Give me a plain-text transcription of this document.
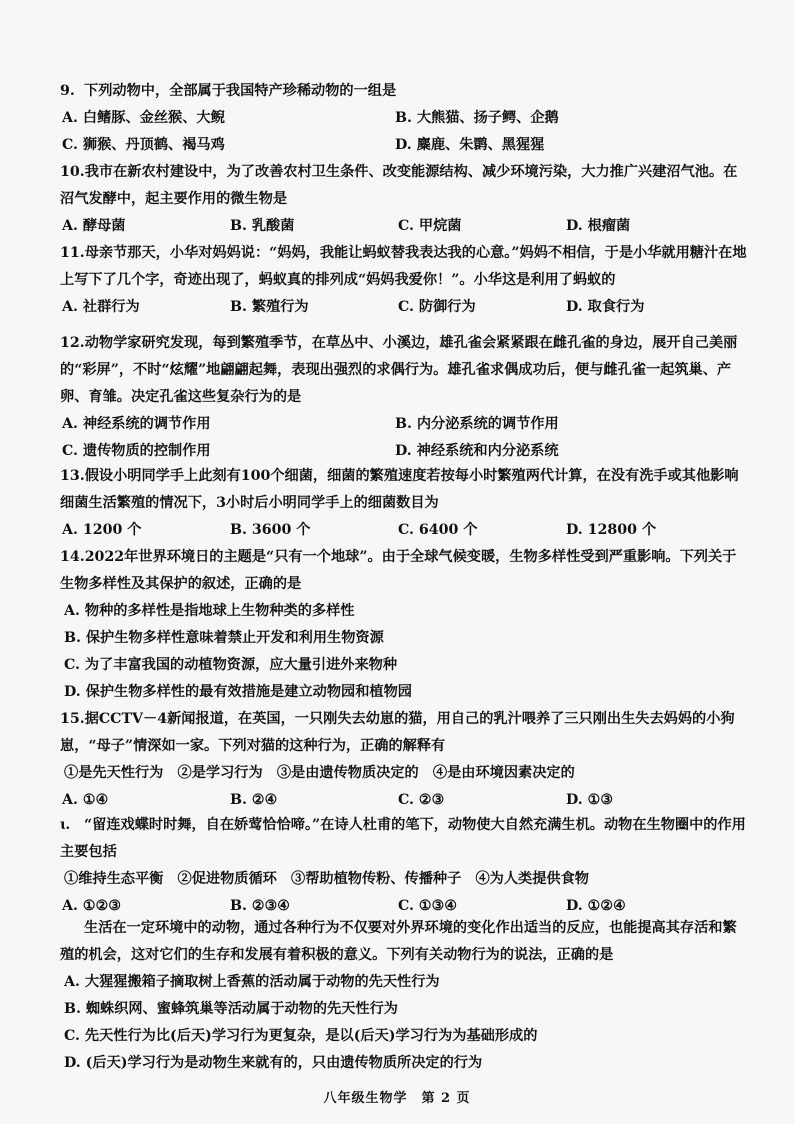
9. 下列动物中，全部属于我国特产珍稀动物的一组是
A. 白鳍豚、金丝猴、大鲵	B. 大熊猫、扬子鳄、企鹅
C. 狮猴、丹顶鹤、褐马鸡	D. 麋鹿、朱鹮、黑猩猩
10.我市在新农村建设中，为了改善农村卫生条件、改变能源结构、减少环境污染，大力推广兴建沼气池。在沼气发酵中，起主要作用的微生物是
A. 酵母菌	B. 乳酸菌	C. 甲烷菌	D. 根瘤菌
11.母亲节那天，小华对妈妈说：“妈妈，我能让蚂蚁替我表达我的心意。”妈妈不相信，于是小华就用糖汁在地上写下了几个字，奇迹出现了，蚂蚁真的排列成“妈妈我爱你！”。小华这是利用了蚂蚁的
A. 社群行为	B. 繁殖行为	C. 防御行为	D. 取食行为
12.动物学家研究发现，每到繁殖季节，在草丛中、小溪边，雄孔雀会紧紧跟在雌孔雀的身边，展开自己美丽的“彩屏”，不时“炫耀”地翩翩起舞，表现出强烈的求偶行为。雄孔雀求偶成功后，便与雌孔雀一起筑巢、产卵、育雏。决定孔雀这些复杂行为的是
A. 神经系统的调节作用	B. 内分泌系统的调节作用
C. 遗传物质的控制作用	D. 神经系统和内分泌系统
13.假设小明同学手上此刻有100个细菌，细菌的繁殖速度若按每小时繁殖两代计算，在没有洗手或其他影响细菌生活繁殖的情况下，3小时后小明同学手上的细菌数目为
A. 1200 个	B. 3600 个	C. 6400 个	D. 12800 个
14.2022年世界环境日的主题是“只有一个地球”。由于全球气候变暖，生物多样性受到严重影响。下列关于生物多样性及其保护的叙述，正确的是
A. 物种的多样性是指地球上生物种类的多样性
B. 保护生物多样性意味着禁止开发和利用生物资源
C. 为了丰富我国的动植物资源，应大量引进外来物种
D. 保护生物多样性的最有效措施是建立动物园和植物园
15.据CCTV－4新闻报道，在英国，一只刚失去幼崽的猫，用自己的乳汁喂养了三只刚出生失去妈妈的小狗崽，“母子”情深如一家。下列对猫的这种行为，正确的解释有
①是先天性行为　②是学习行为　③是由遗传物质决定的　④是由环境因素决定的
A. ①④	B. ②④	C. ②③	D. ①③
ɩ. “留连戏蝶时时舞，自在娇莺恰恰啼。”在诗人杜甫的笔下，动物使大自然充满生机。动物在生物圈中的作用主要包括
①维持生态平衡　②促进物质循环　③帮助植物传粉、传播种子　④为人类提供食物
A. ①②③	B. ②③④	C. ①③④	D. ①②④
生活在一定环境中的动物，通过各种行为不仅要对外界环境的变化作出适当的反应，也能提高其存活和繁殖的机会，这对它们的生存和发展有着积极的意义。下列有关动物行为的说法，正确的是
A. 大猩猩搬箱子摘取树上香蕉的活动属于动物的先天性行为
B. 蜘蛛织网、蜜蜂筑巢等活动属于动物的先天性行为
C. 先天性行为比(后天)学习行为更复杂，是以(后天)学习行为为基础形成的
D. (后天)学习行为是动物生来就有的，只由遗传物质所决定的行为
八年级生物学　第 2 页
